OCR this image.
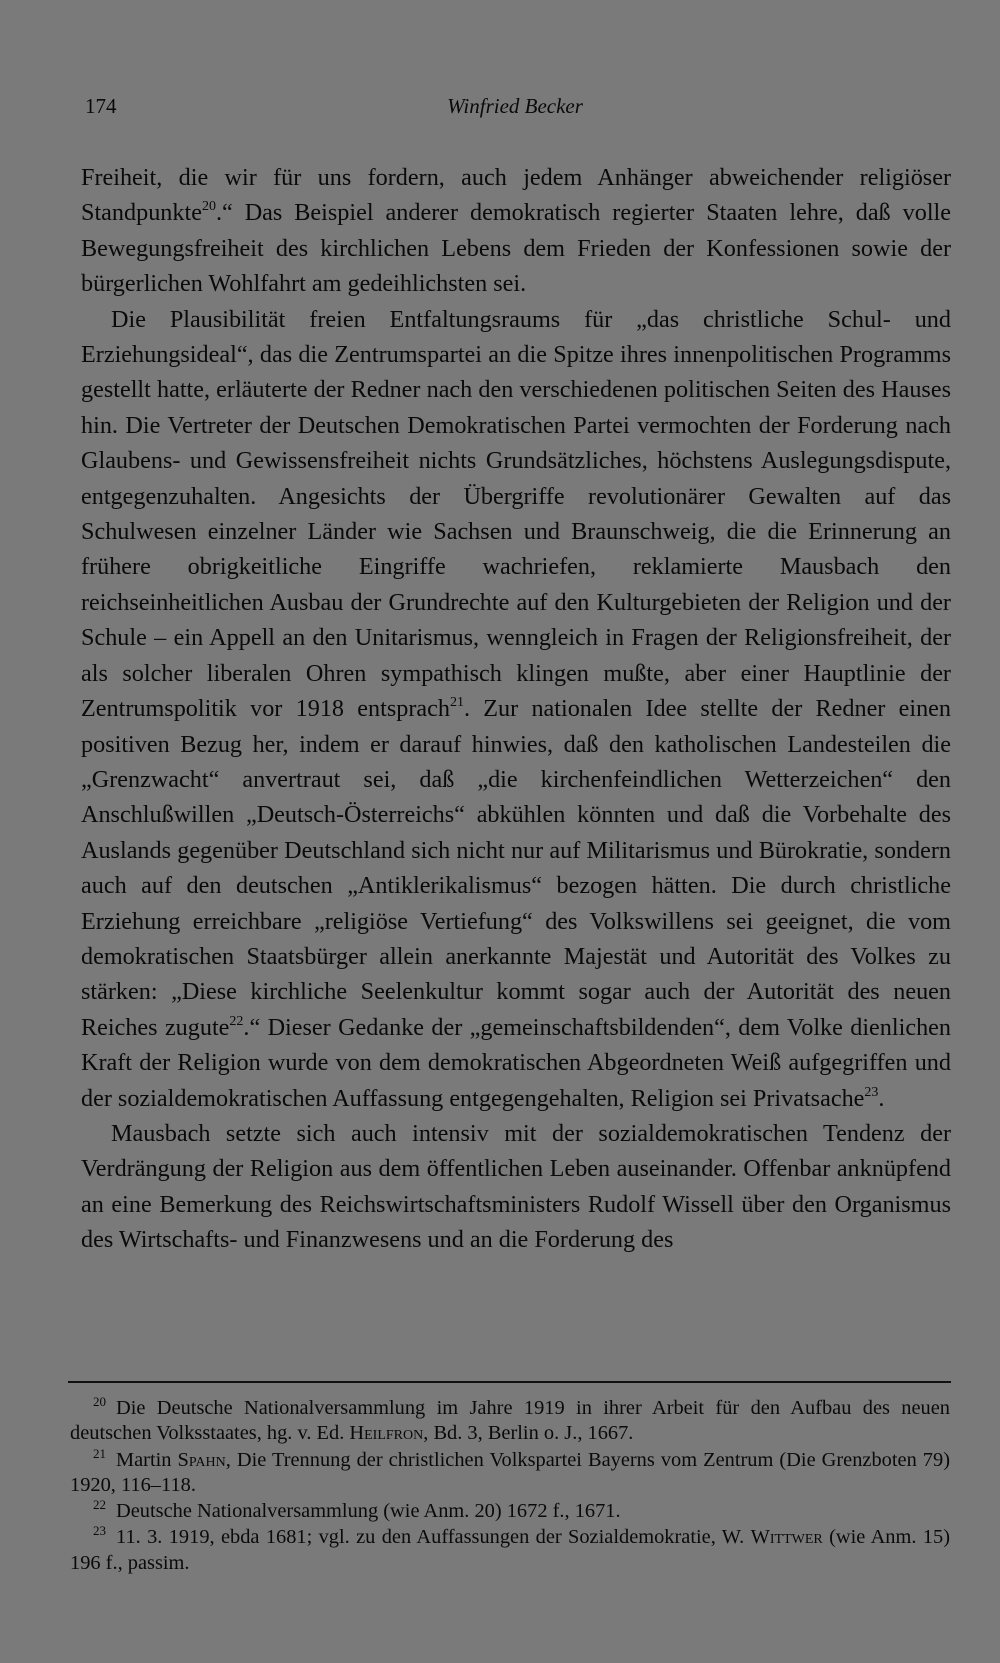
174	Winfried Becker

Freiheit, die wir für uns fordern, auch jedem Anhänger abweichender religiöser Standpunkte$^{20}$.“ Das Beispiel anderer demokratisch regierter Staaten lehre, daß volle Bewegungsfreiheit des kirchlichen Lebens dem Frieden der Konfessionen sowie der bürgerlichen Wohlfahrt am gedeihlichsten sei.

Die Plausibilität freien Entfaltungsraums für „das christliche Schul- und Erziehungsideal“, das die Zentrumspartei an die Spitze ihres innenpolitischen Programms gestellt hatte, erläuterte der Redner nach den verschiedenen politischen Seiten des Hauses hin. Die Vertreter der Deutschen Demokratischen Partei vermochten der Forderung nach Glaubens- und Gewissensfreiheit nichts Grundsätzliches, höchstens Auslegungsdispute, entgegenzuhalten. Angesichts der Übergriffe revolutionärer Gewalten auf das Schulwesen einzelner Länder wie Sachsen und Braunschweig, die die Erinnerung an frühere obrigkeitliche Eingriffe wachriefen, reklamierte Mausbach den reichseinheitlichen Ausbau der Grundrechte auf den Kulturgebieten der Religion und der Schule – ein Appell an den Unitarismus, wenngleich in Fragen der Religionsfreiheit, der als solcher liberalen Ohren sympathisch klingen mußte, aber einer Hauptlinie der Zentrumspolitik vor 1918 entsprach$^{21}$. Zur nationalen Idee stellte der Redner einen positiven Bezug her, indem er darauf hinwies, daß den katholischen Landesteilen die „Grenzwacht“ anvertraut sei, daß „die kirchenfeindlichen Wetterzeichen“ den Anschlußwillen „Deutsch-Österreichs“ abkühlen könnten und daß die Vorbehalte des Auslands gegenüber Deutschland sich nicht nur auf Militarismus und Bürokratie, sondern auch auf den deutschen „Antiklerikalismus“ bezogen hätten. Die durch christliche Erziehung erreichbare „religiöse Vertiefung“ des Volkswillens sei geeignet, die vom demokratischen Staatsbürger allein anerkannte Majestät und Autorität des Volkes zu stärken: „Diese kirchliche Seelenkultur kommt sogar auch der Autorität des neuen Reiches zugute$^{22}$.“ Dieser Gedanke der „gemeinschaftsbildenden“, dem Volke dienlichen Kraft der Religion wurde von dem demokratischen Abgeordneten Weiß aufgegriffen und der sozialdemokratischen Auffassung entgegengehalten, Religion sei Privatsache$^{23}$.

Mausbach setzte sich auch intensiv mit der sozialdemokratischen Tendenz der Verdrängung der Religion aus dem öffentlichen Leben auseinander. Offenbar anknüpfend an eine Bemerkung des Reichswirtschaftsministers Rudolf Wissell über den Organismus des Wirtschafts- und Finanzwesens und an die Forderung des

20 Die Deutsche Nationalversammlung im Jahre 1919 in ihrer Arbeit für den Aufbau des neuen deutschen Volksstaates, hg. v. Ed. Heilfron, Bd. 3, Berlin o. J., 1667.

21 Martin Spahn, Die Trennung der christlichen Volkspartei Bayerns vom Zentrum (Die Grenzboten 79) 1920, 116–118.

22 Deutsche Nationalversammlung (wie Anm. 20) 1672 f., 1671.

23 11. 3. 1919, ebda 1681; vgl. zu den Auffassungen der Sozialdemokratie, W. Wittwer (wie Anm. 15) 196 f., passim.
